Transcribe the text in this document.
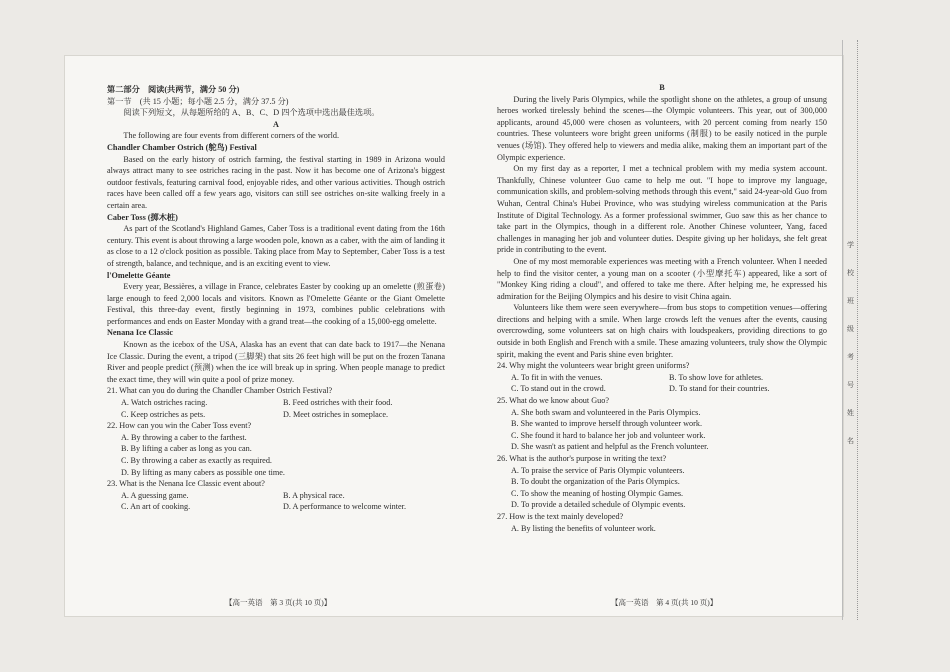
第二部分　阅读(共两节，满分 50 分)

第一节　(共 15 小题；每小题 2.5 分，满分 37.5 分)

阅读下列短文，从每题所给的 A、B、C、D 四个选项中选出最佳选项。

A

The following are four events from different corners of the world.

Chandler Chamber Ostrich (鸵鸟) Festival

Based on the early history of ostrich farming, the festival starting in 1989 in Arizona would always attract many to see ostriches racing in the past. Now it has become one of Arizona's biggest outdoor festivals, featuring carnival food, enjoyable rides, and other various activities. Though ostrich races have been called off a few years ago, visitors can still see ostriches on-site walking freely in a certain area.

Caber Toss (掷木桩)

As part of the Scotland's Highland Games, Caber Toss is a traditional event dating from the 16th century. This event is about throwing a large wooden pole, known as a caber, with the aim of landing it as close to a 12 o'clock position as possible. Taking place from May to September, Caber Toss is a test of strength, balance, and technique, and is an exciting event to view.

l'Omelette Géante

Every year, Bessières, a village in France, celebrates Easter by cooking up an omelette (煎蛋卷) large enough to feed 2,000 locals and visitors. Known as l'Omelette Géante or the Giant Omelette Festival, this three-day event, firstly beginning in 1973, combines public celebrations with performances and ends on Easter Monday with a grand treat—the cooking of a 15,000-egg omelette.

Nenana Ice Classic

Known as the icebox of the USA, Alaska has an event that can date back to 1917—the Nenana Ice Classic. During the event, a tripod (三脚架) that sits 26 feet high will be put on the frozen Tanana River and people predict (预测) when the ice will break up in spring. When people manage to predict the exact time, they will win quite a pool of prize money.

21. What can you do during the Chandler Chamber Ostrich Festival?

A. Watch ostriches racing.	B. Feed ostriches with their food.
C. Keep ostriches as pets.	D. Meet ostriches in someplace.

22. How can you win the Caber Toss event?

A. By throwing a caber to the farthest.

B. By lifting a caber as long as you can.

C. By throwing a caber as exactly as required.

D. By lifting as many cabers as possible one time.

23. What is the Nenana Ice Classic event about?

A. A guessing game.	B. A physical race.
C. An art of cooking.	D. A performance to welcome winter.

B

During the lively Paris Olympics, while the spotlight shone on the athletes, a group of unsung heroes worked tirelessly behind the scenes—the Olympic volunteers. This year, out of 300,000 applicants, around 45,000 were chosen as volunteers, with 20 percent coming from nearly 150 countries. These volunteers wore bright green uniforms (制服) to be easily noticed in the purple venues (场馆). They offered help to viewers and media alike, making them an important part of the Olympic experience.

On my first day as a reporter, I met a technical problem with my media system account. Thankfully, Chinese volunteer Guo came to help me out. "I hope to improve my language, communication skills, and problem-solving methods through this event," said 24-year-old Guo from Wuhan, Central China's Hubei Province, who was studying wireless communication at the Paris Institute of Digital Technology. As a former professional swimmer, Guo saw this as her chance to take part in the Olympics, though in a different role. Another Chinese volunteer, Yang, faced challenges in managing her job and volunteer duties. Despite giving up her holidays, she felt great pride in contributing to the event.

One of my most memorable experiences was meeting with a French volunteer. When I needed help to find the visitor center, a young man on a scooter (小型摩托车) appeared, like a sort of "Monkey King riding a cloud", and offered to take me there. After helping me, he expressed his admiration for the Beijing Olympics and his desire to visit China again.

Volunteers like them were seen everywhere—from bus stops to competition venues—offering directions and helping with a smile. When large crowds left the venues after the events, causing overcrowding, some volunteers sat on high chairs with loudspeakers, providing directions to go outside in both English and French with a smile. These amazing volunteers, truly show the Olympic spirit, making the event and Paris shine even brighter.

24. Why might the volunteers wear bright green uniforms?

A. To fit in with the venues.	B. To show love for athletes.
C. To stand out in the crowd.	D. To stand for their countries.

25. What do we know about Guo?

A. She both swam and volunteered in the Paris Olympics.

B. She wanted to improve herself through volunteer work.

C. She found it hard to balance her job and volunteer work.

D. She wasn't as patient and helpful as the French volunteer.

26. What is the author's purpose in writing the text?

A. To praise the service of Paris Olympic volunteers.

B. To doubt the organization of the Paris Olympics.

C. To show the meaning of hosting Olympic Games.

D. To provide a detailed schedule of Olympic events.

27. How is the text mainly developed?

A. By listing the benefits of volunteer work.

【高一英语　第 3 页(共 10 页)】	【高一英语　第 4 页(共 10 页)】
学
校
班
级
考
号
姓
名
